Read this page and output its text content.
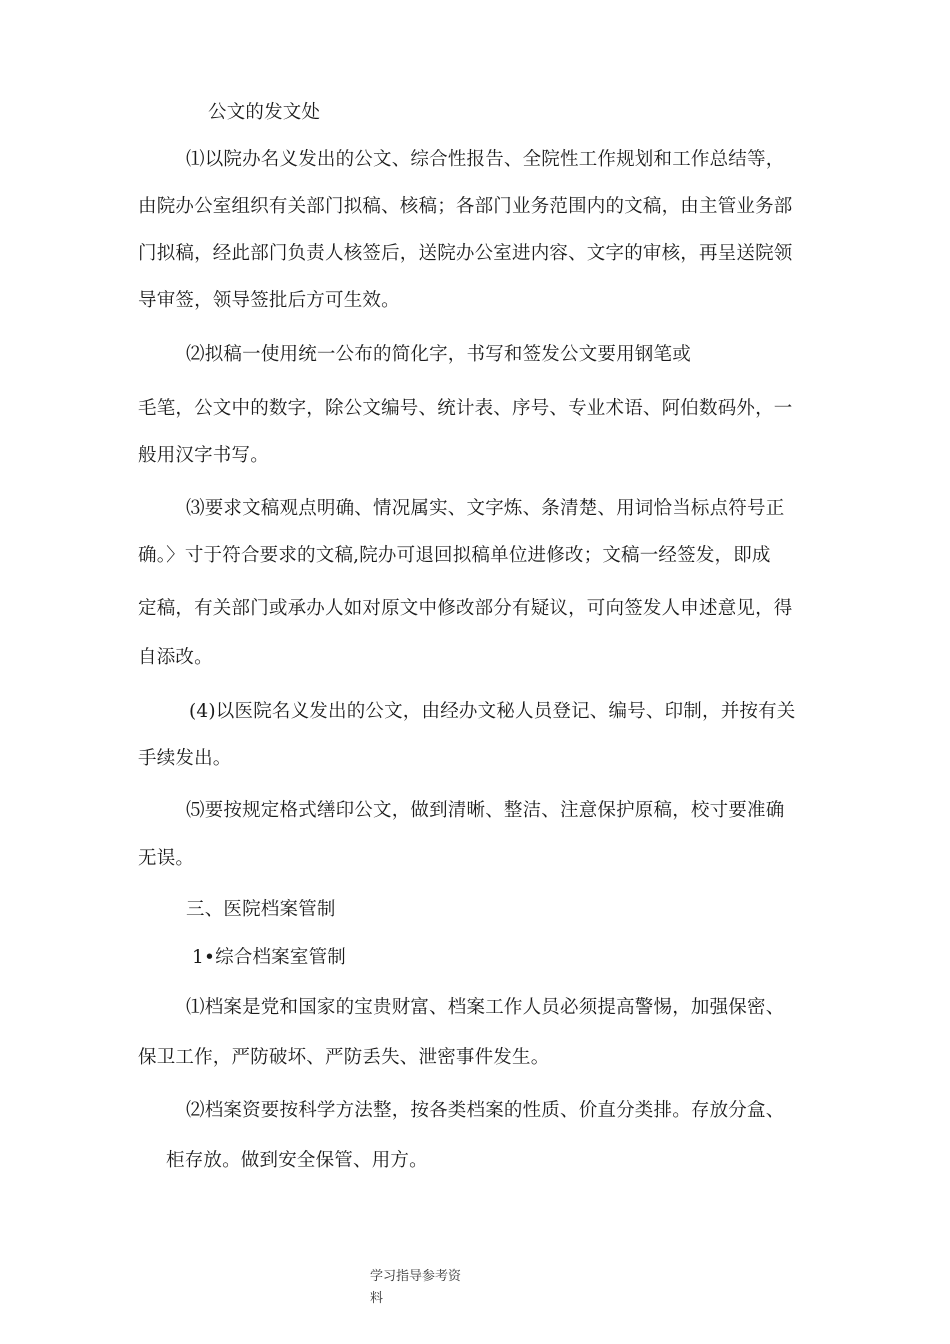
公文的发文处
⑴以院办名义发出的公文、综合性报告、全院性工作规划和工作总结等，
由院办公室组织有关部门拟稿、核稿；各部门业务范围内的文稿，由主管业务部
门拟稿，经此部门负责人核签后，送院办公室进内容、文字的审核，再呈送院领
导审签，领导签批后方可生效。
⑵拟稿一使用统一公布的简化字，书写和签发公文要用钢笔或
毛笔，公文中的数字，除公文编号、统计表、序号、专业术语、阿伯数码外，一
般用汉字书写。
⑶要求文稿观点明确、情况属实、文字炼、条清楚、用词恰当标点符号正
确。〉寸于符合要求的文稿,院办可退回拟稿单位进修改；文稿一经签发，即成
定稿，有关部门或承办人如对原文中修改部分有疑议，可向签发人申述意见，得
自添改。
(4)以医院名义发出的公文，由经办文秘人员登记、编号、印制，并按有关
手续发出。
⑸要按规定格式缮印公文，做到清晰、整洁、注意保护原稿，校寸要准确
无误。
三、医院档案管制
1•综合档案室管制
⑴档案是党和国家的宝贵财富、档案工作人员必须提高警惕，加强保密、
保卫工作，严防破坏、严防丢失、泄密事件发生。
⑵档案资要按科学方法整，按各类档案的性质、价直分类排。存放分盒、
柜存放。做到安全保管、用方。
学习指导参考资
料
